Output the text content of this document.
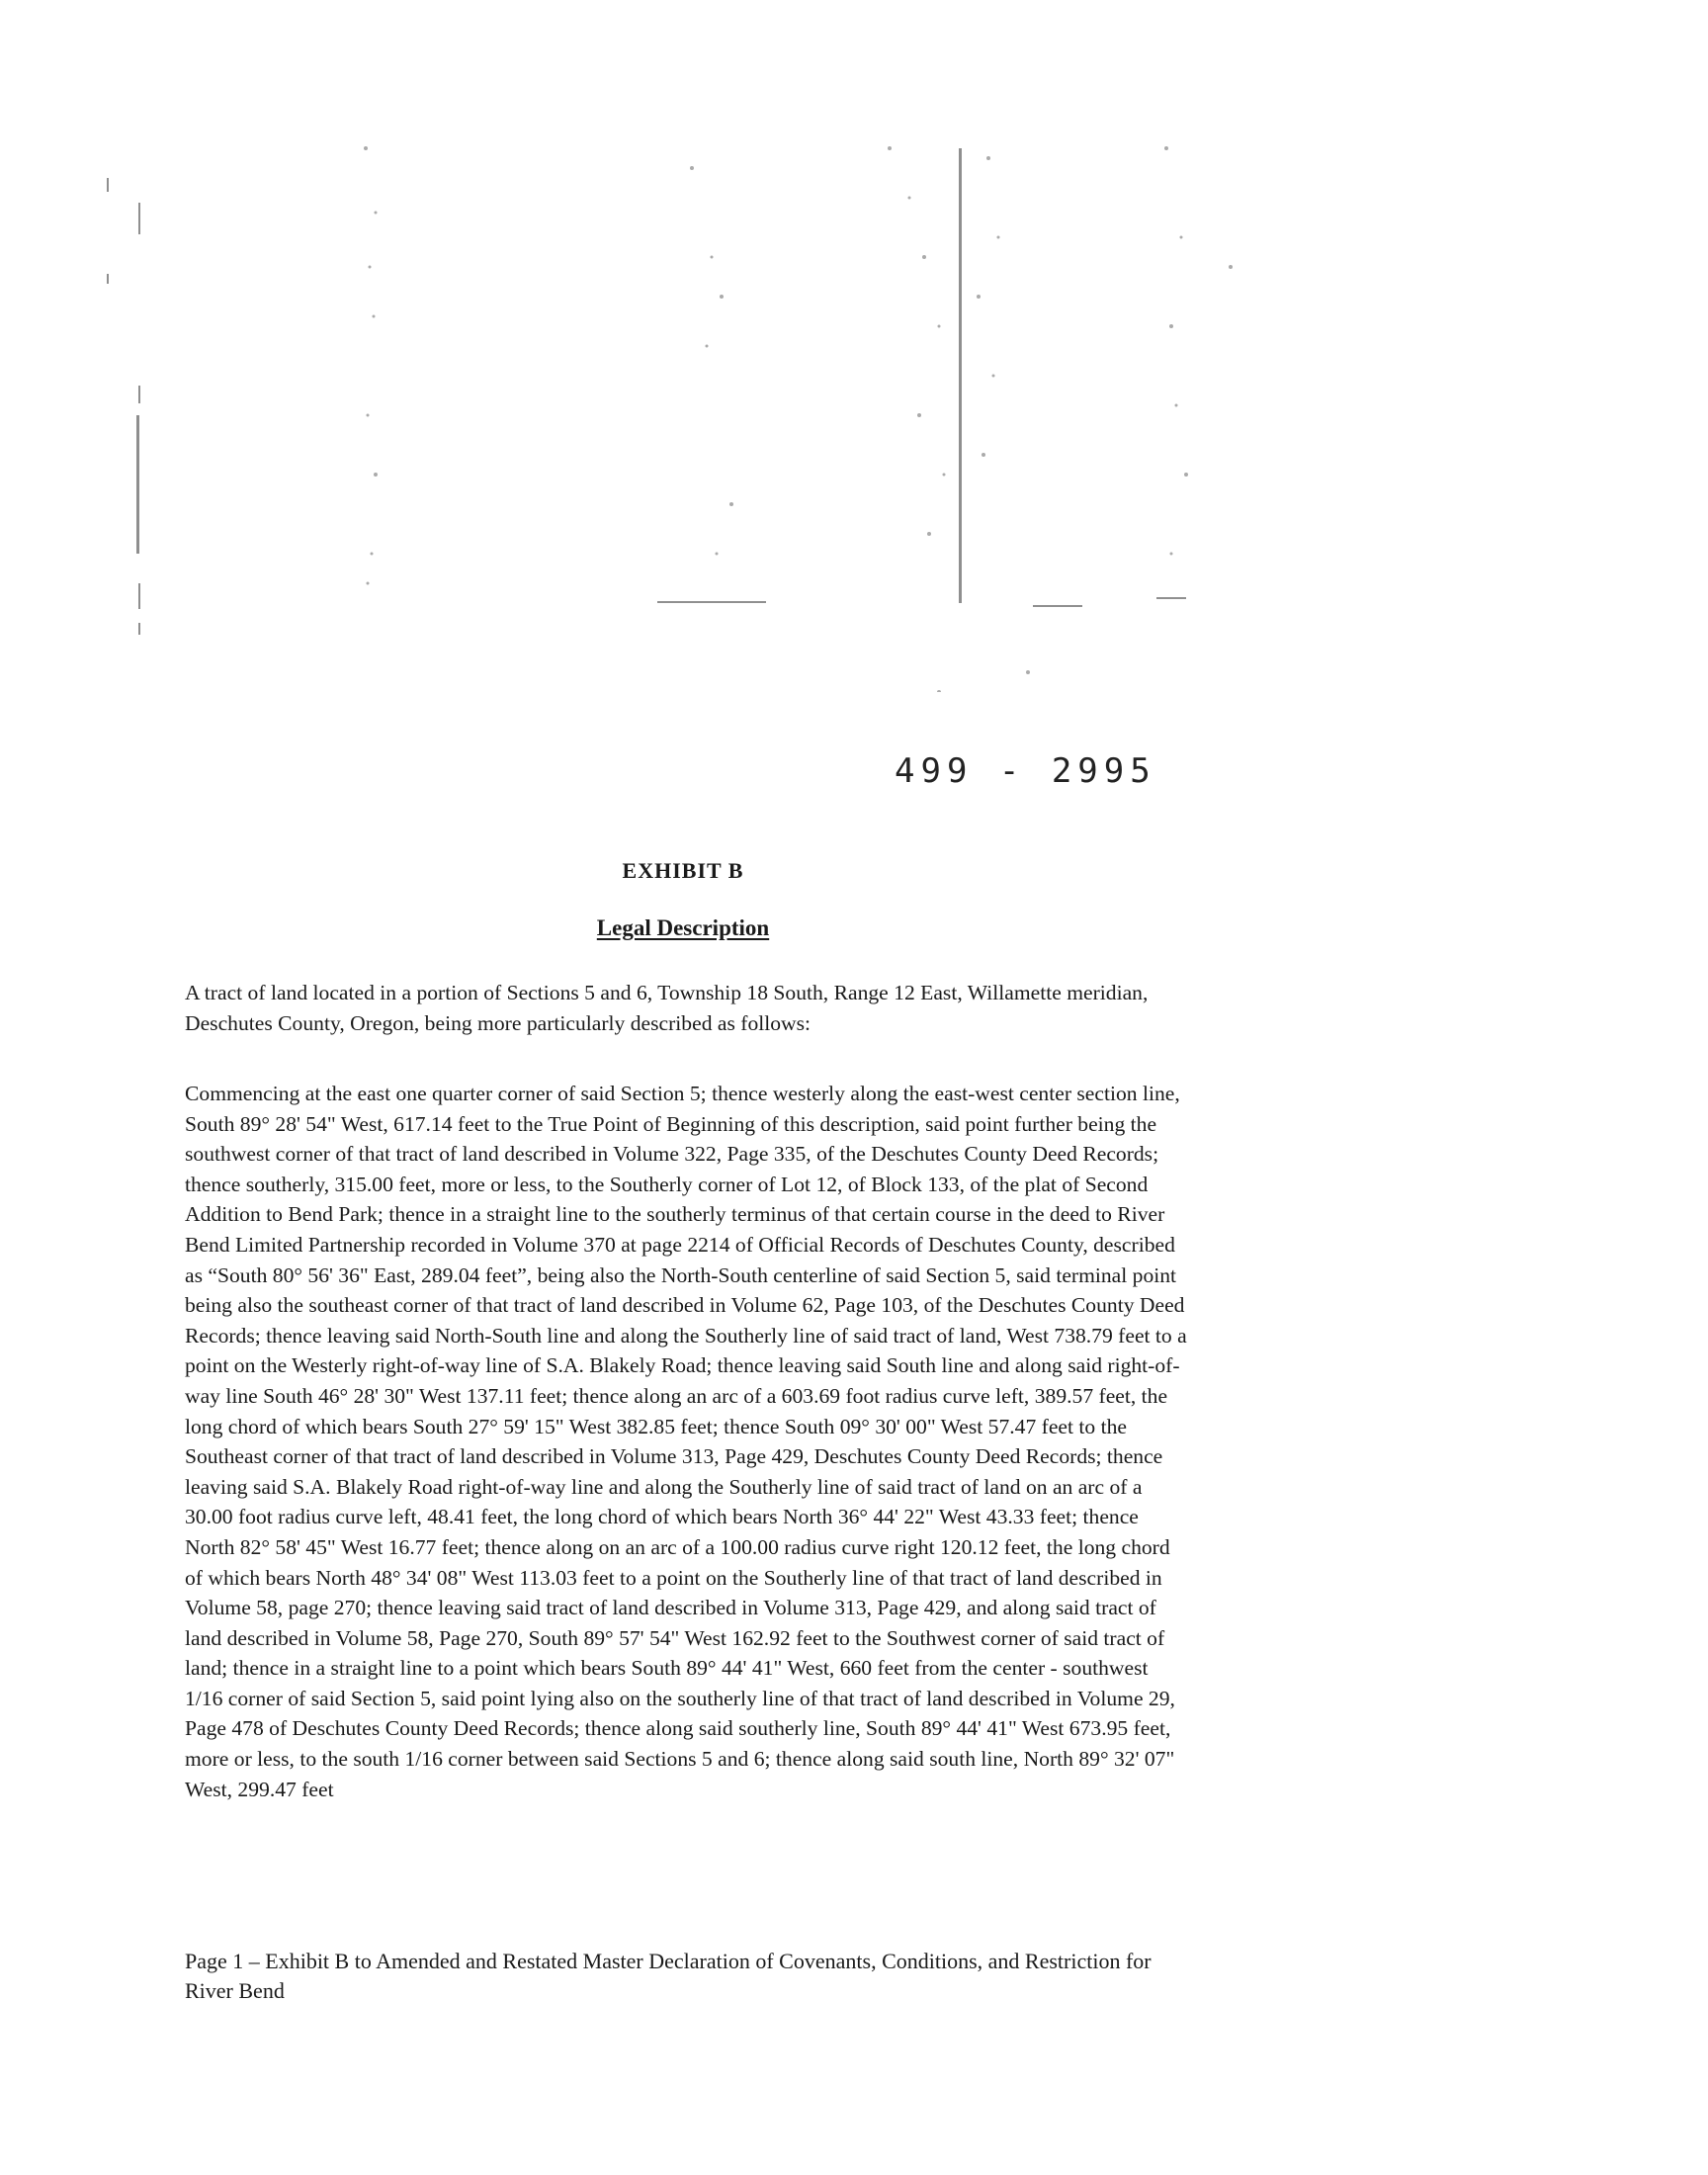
499 - 2995
EXHIBIT B
Legal Description
A tract of land located in a portion of Sections 5 and 6, Township 18 South, Range 12 East, Willamette meridian, Deschutes County, Oregon, being more particularly described as follows:
Commencing at the east one quarter corner of said Section 5; thence westerly along the east-west center section line, South 89° 28' 54" West, 617.14 feet to the True Point of Beginning of this description, said point further being the southwest corner of that tract of land described in Volume 322, Page 335, of the Deschutes County Deed Records; thence southerly, 315.00 feet, more or less, to the Southerly corner of Lot 12, of Block 133, of the plat of Second Addition to Bend Park; thence in a straight line to the southerly terminus of that certain course in the deed to River Bend Limited Partnership recorded in Volume 370 at page 2214 of Official Records of Deschutes County, described as “South 80° 56' 36" East, 289.04 feet”, being also the North-South centerline of said Section 5, said terminal point being also the southeast corner of that tract of land described in Volume 62, Page 103, of the Deschutes County Deed Records; thence leaving said North-South line and along the Southerly line of said tract of land, West 738.79 feet to a point on the Westerly right-of-way line of S.A. Blakely Road; thence leaving said South line and along said right-of-way line South 46° 28' 30" West 137.11 feet; thence along an arc of a 603.69 foot radius curve left, 389.57 feet, the long chord of which bears South 27° 59' 15" West 382.85 feet; thence South 09° 30' 00" West 57.47 feet to the Southeast corner of that tract of land described in Volume 313, Page 429, Deschutes County Deed Records; thence leaving said S.A. Blakely Road right-of-way line and along the Southerly line of said tract of land on an arc of a 30.00 foot radius curve left, 48.41 feet, the long chord of which bears North 36° 44' 22" West 43.33 feet; thence North 82° 58' 45" West 16.77 feet; thence along on an arc of a 100.00 radius curve right 120.12 feet, the long chord of which bears North 48° 34' 08" West 113.03 feet to a point on the Southerly line of that tract of land described in Volume 58, page 270; thence leaving said tract of land described in Volume 313, Page 429, and along said tract of land described in Volume 58, Page 270, South 89° 57' 54" West 162.92 feet to the Southwest corner of said tract of land; thence in a straight line to a point which bears South 89° 44' 41" West, 660 feet from the center - southwest 1/16 corner of said Section 5, said point lying also on the southerly line of that tract of land described in Volume 29, Page 478 of Deschutes County Deed Records; thence along said southerly line, South 89° 44' 41" West 673.95 feet, more or less, to the south 1/16 corner between said Sections 5 and 6; thence along said south line, North 89° 32' 07" West, 299.47 feet
Page 1 – Exhibit B to Amended and Restated Master Declaration of Covenants, Conditions, and Restriction for River Bend
